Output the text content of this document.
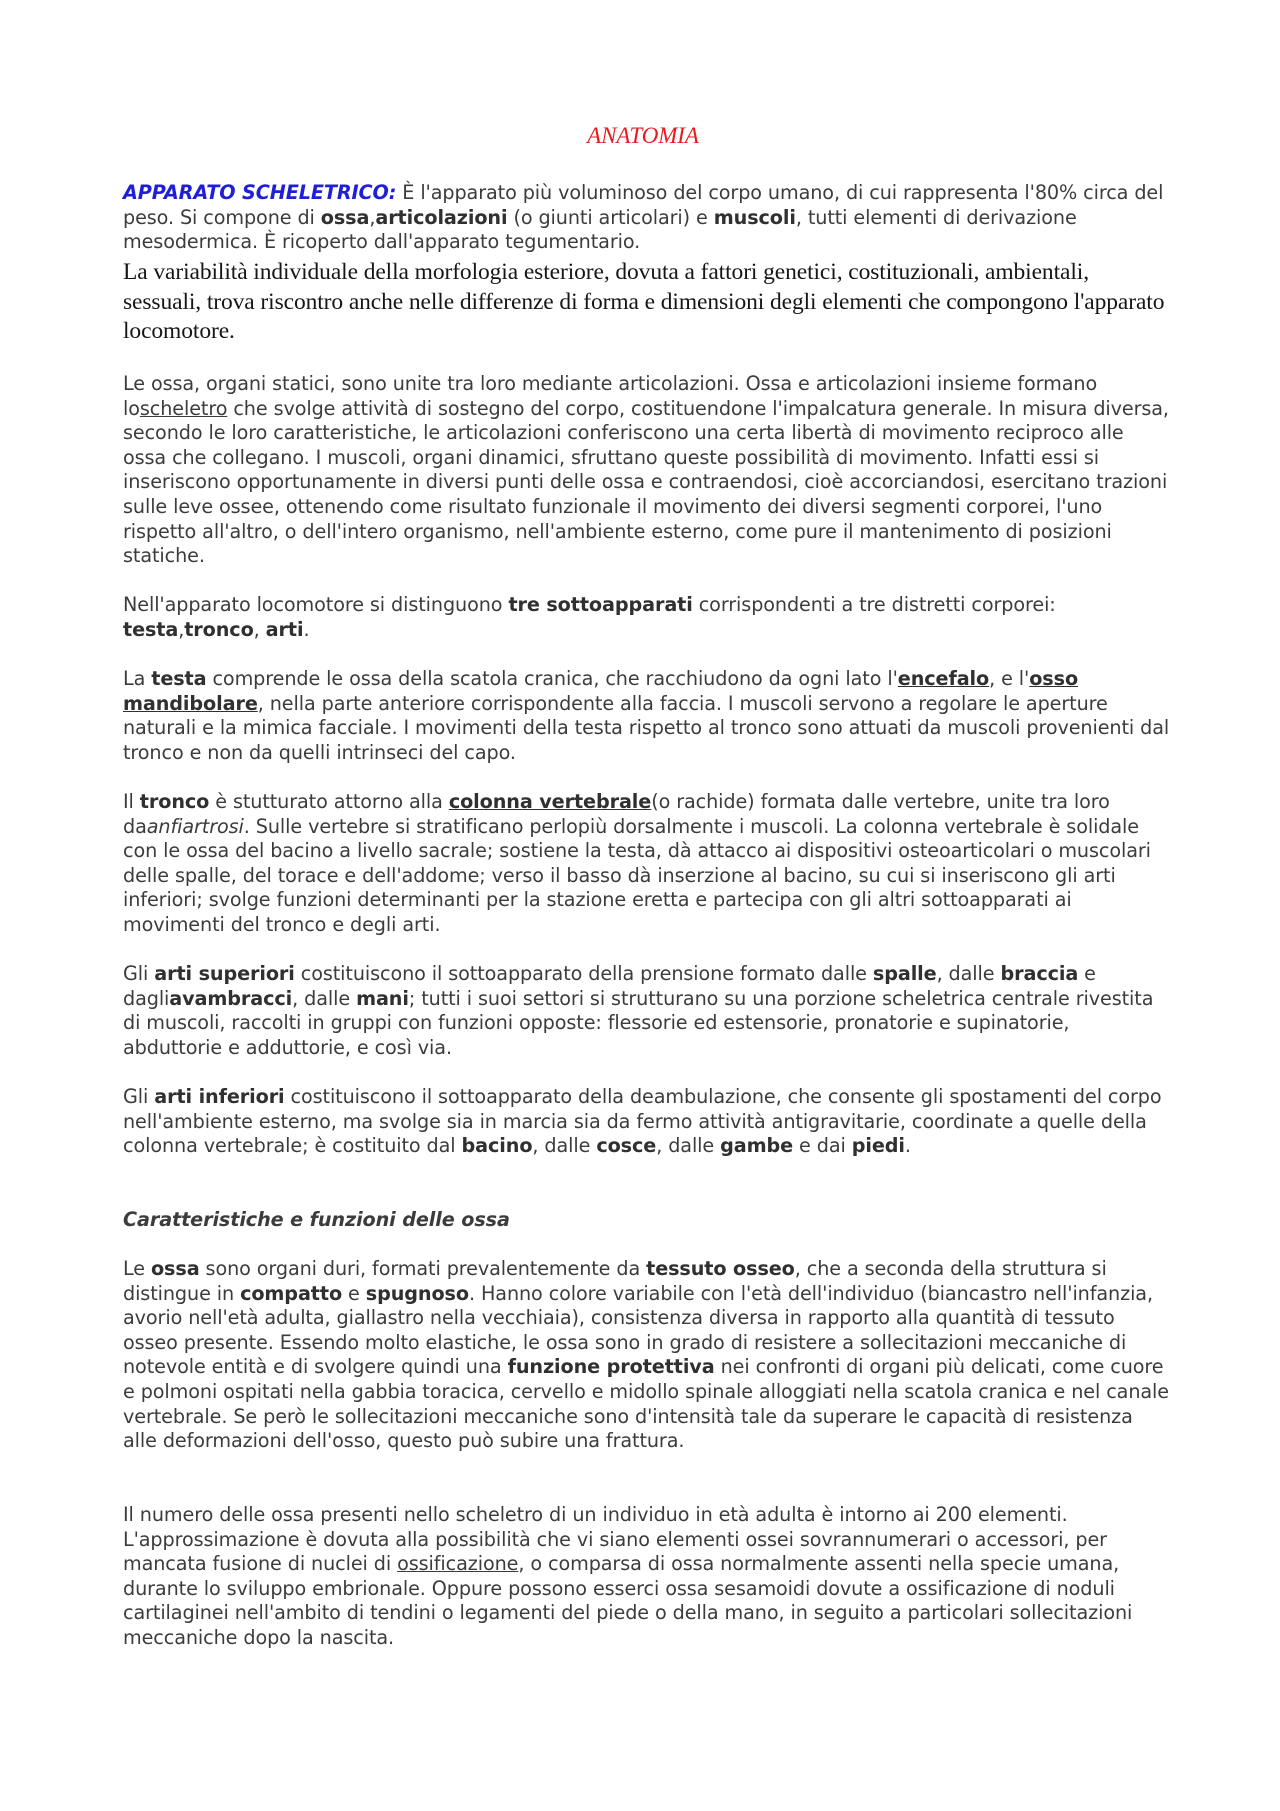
ANATOMIA

APPARATO SCHELETRICO: È l'apparato più voluminoso del corpo umano, di cui rappresenta l'80% circa del peso. Si compone di ossa,articolazioni (o giunti articolari) e muscoli, tutti elementi di derivazione mesodermica. È ricoperto dall'apparato tegumentario.

La variabilità individuale della morfologia esteriore, dovuta a fattori genetici, costituzionali, ambientali, sessuali, trova riscontro anche nelle differenze di forma e dimensioni degli elementi che compongono l'apparato locomotore.

Le ossa, organi statici, sono unite tra loro mediante articolazioni. Ossa e articolazioni insieme formano loscheletro che svolge attività di sostegno del corpo, costituendone l'impalcatura generale. In misura diversa, secondo le loro caratteristiche, le articolazioni conferiscono una certa libertà di movimento reciproco alle ossa che collegano. I muscoli, organi dinamici, sfruttano queste possibilità di movimento. Infatti essi si inseriscono opportunamente in diversi punti delle ossa e contraendosi, cioè accorciandosi, esercitano trazioni sulle leve ossee, ottenendo come risultato funzionale il movimento dei diversi segmenti corporei, l'uno rispetto all'altro, o dell'intero organismo, nell'ambiente esterno, come pure il mantenimento di posizioni statiche.

Nell'apparato locomotore si distinguono tre sottoapparati corrispondenti a tre distretti corporei: testa,tronco, arti.

La testa comprende le ossa della scatola cranica, che racchiudono da ogni lato l'encefalo, e l'osso mandibolare, nella parte anteriore corrispondente alla faccia. I muscoli servono a regolare le aperture naturali e la mimica facciale. I movimenti della testa rispetto al tronco sono attuati da muscoli provenienti dal tronco e non da quelli intrinseci del capo.

Il tronco è stutturato attorno alla colonna vertebrale(o rachide) formata dalle vertebre, unite tra loro daanfiartrosi. Sulle vertebre si stratificano perlopiù dorsalmente i muscoli. La colonna vertebrale è solidale con le ossa del bacino a livello sacrale; sostiene la testa, dà attacco ai dispositivi osteoarticolari o muscolari delle spalle, del torace e dell'addome; verso il basso dà inserzione al bacino, su cui si inseriscono gli arti inferiori; svolge funzioni determinanti per la stazione eretta e partecipa con gli altri sottoapparati ai movimenti del tronco e degli arti.

Gli arti superiori costituiscono il sottoapparato della prensione formato dalle spalle, dalle braccia e dagliavambracci, dalle mani; tutti i suoi settori si strutturano su una porzione scheletrica centrale rivestita di muscoli, raccolti in gruppi con funzioni opposte: flessorie ed estensorie, pronatorie e supinatorie, abduttorie e adduttorie, e così via.

Gli arti inferiori costituiscono il sottoapparato della deambulazione, che consente gli spostamenti del corpo nell'ambiente esterno, ma svolge sia in marcia sia da fermo attività antigravitarie, coordinate a quelle della colonna vertebrale; è costituito dal bacino, dalle cosce, dalle gambe e dai piedi.

Caratteristiche e funzioni delle ossa

Le ossa sono organi duri, formati prevalentemente da tessuto osseo, che a seconda della struttura si distingue in compatto e spugnoso. Hanno colore variabile con l'età dell'individuo (biancastro nell'infanzia, avorio nell'età adulta, giallastro nella vecchiaia), consistenza diversa in rapporto alla quantità di tessuto osseo presente. Essendo molto elastiche, le ossa sono in grado di resistere a sollecitazioni meccaniche di notevole entità e di svolgere quindi una funzione protettiva nei confronti di organi più delicati, come cuore e polmoni ospitati nella gabbia toracica, cervello e midollo spinale alloggiati nella scatola cranica e nel canale vertebrale. Se però le sollecitazioni meccaniche sono d'intensità tale da superare le capacità di resistenza alle deformazioni dell'osso, questo può subire una frattura.

Il numero delle ossa presenti nello scheletro di un individuo in età adulta è intorno ai 200 elementi. L'approssimazione è dovuta alla possibilità che vi siano elementi ossei sovrannumerari o accessori, per mancata fusione di nuclei di ossificazione, o comparsa di ossa normalmente assenti nella specie umana, durante lo sviluppo embrionale. Oppure possono esserci ossa sesamoidi dovute a ossificazione di noduli cartilaginei nell'ambito di tendini o legamenti del piede o della mano, in seguito a particolari sollecitazioni meccaniche dopo la nascita.
